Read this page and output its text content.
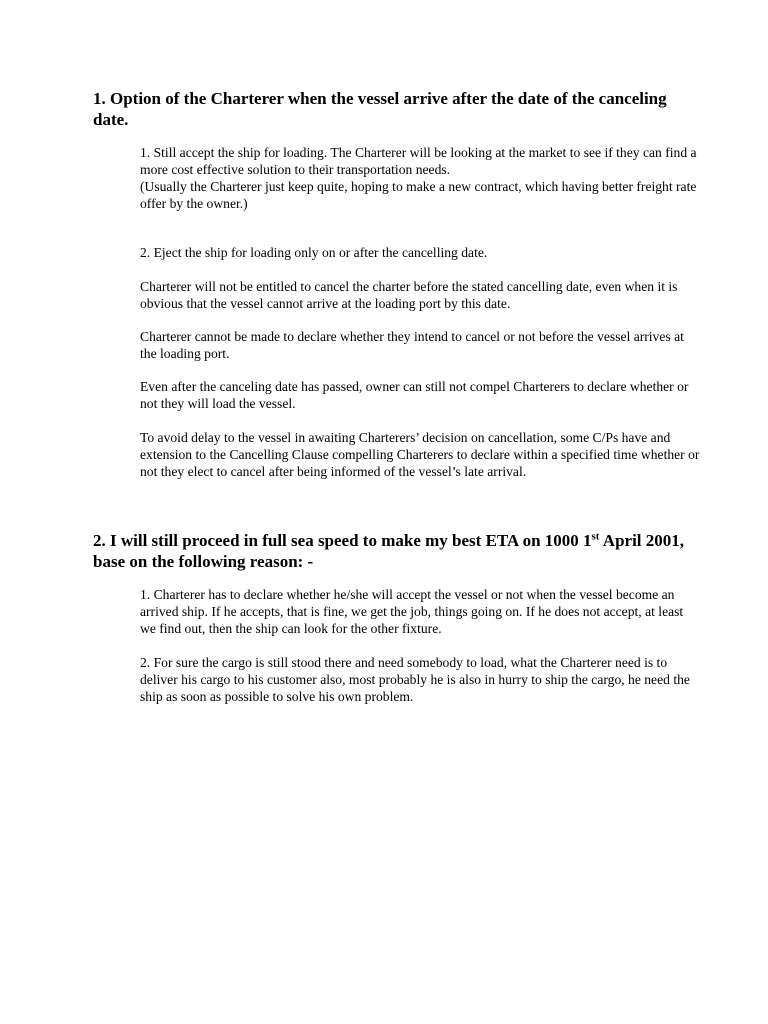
1. Option of the Charterer when the vessel arrive after the date of the canceling date.

1. Still accept the ship for loading. The Charterer will be looking at the market to see if they can find a more cost effective solution to their transportation needs.

(Usually the Charterer just keep quite, hoping to make a new contract, which having better freight rate offer by the owner.)

2. Eject the ship for loading only on or after the cancelling date.

Charterer will not be entitled to cancel the charter before the stated cancelling date, even when it is obvious that the vessel cannot arrive at the loading port by this date.

Charterer cannot be made to declare whether they intend to cancel or not before the vessel arrives at the loading port.

Even after the canceling date has passed, owner can still not compel Charterers to declare whether or not they will load the vessel.

To avoid delay to the vessel in awaiting Charterers’ decision on cancellation, some C/Ps have and extension to the Cancelling Clause compelling Charterers to declare within a specified time whether or not they elect to cancel after being informed of the vessel’s late arrival.

2. I will still proceed in full sea speed to make my best ETA on 1000 1st April 2001, base on the following reason: -

1. Charterer has to declare whether he/she will accept the vessel or not when the vessel become an arrived ship. If he accepts, that is fine, we get the job, things going on. If he does not accept, at least we find out, then the ship can look for the other fixture.

2. For sure the cargo is still stood there and need somebody to load, what the Charterer need is to deliver his cargo to his customer also, most probably he is also in hurry to ship the cargo, he need the ship as soon as possible to solve his own problem.
